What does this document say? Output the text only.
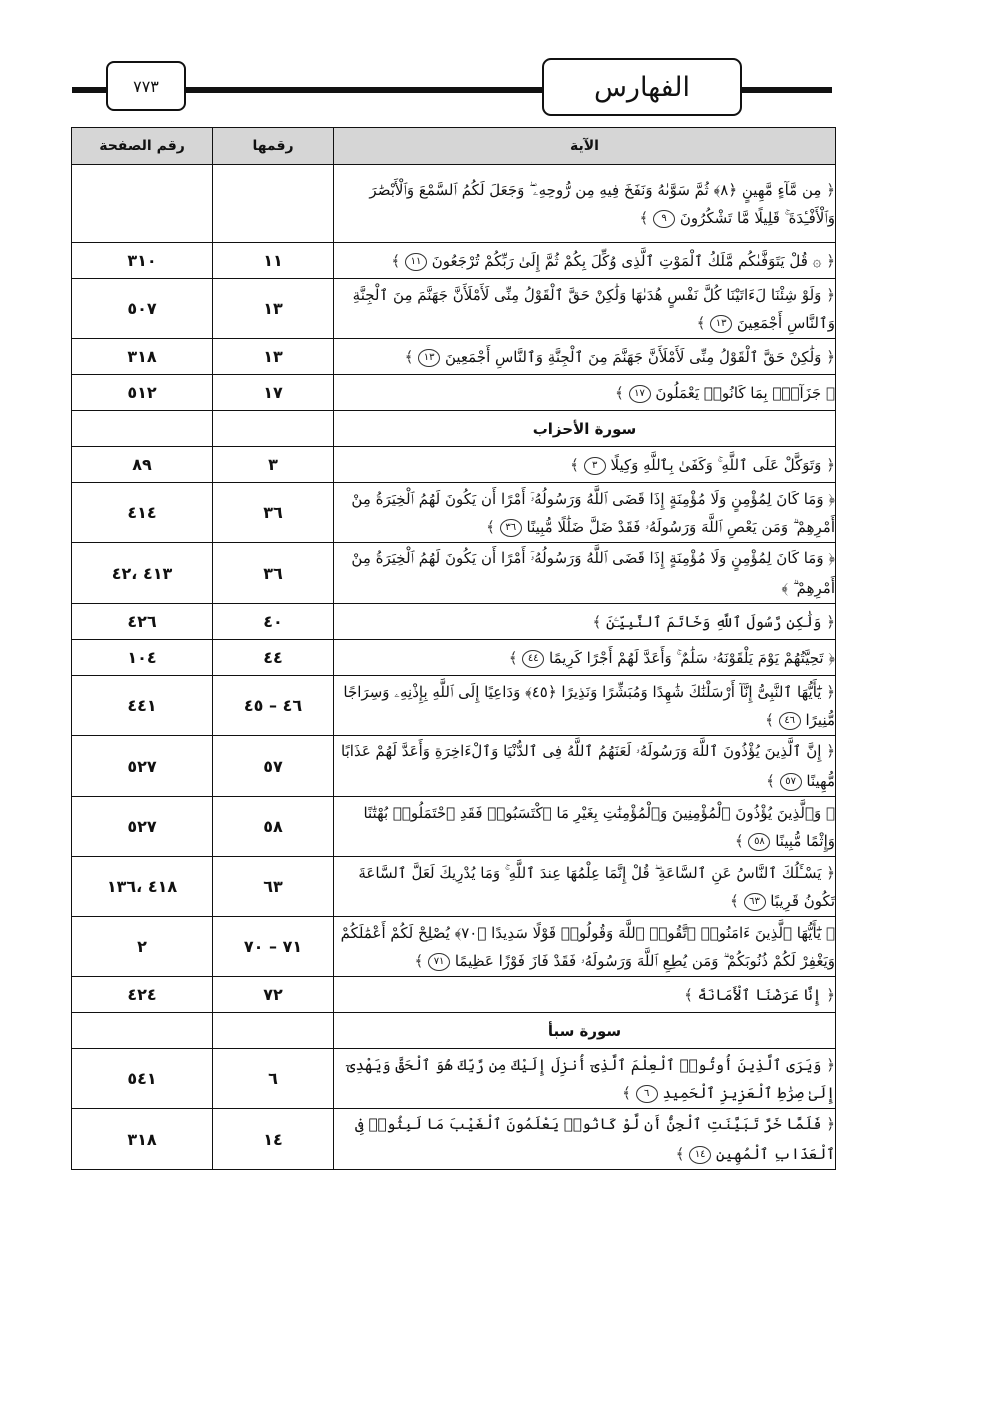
٧٧٣	الفهارس
الآية	رقمها	رقم الصفحة
﴿ مِن مَّآءٍ مَّهِينٍ ﴿٨﴾ ثُمَّ سَوَّىٰهُ وَنَفَخَ فِيهِ مِن رُّوحِهِۦ ۖ وَجَعَلَ لَكُمُ ٱلسَّمْعَ وَٱلْأَبْصَٰرَ وَٱلْأَفْـِٔدَةَ ۚ قَلِيلًا مَّا تَشْكُرُونَ ٩ ﴾		
﴿ ۞ قُلْ يَتَوَفَّىٰكُم مَّلَكُ ٱلْمَوْتِ ٱلَّذِى وُكِّلَ بِكُمْ ثُمَّ إِلَىٰ رَبِّكُمْ تُرْجَعُونَ ١١ ﴾	١١	٣١٠
﴿ وَلَوْ شِئْنَا لَءَاتَيْنَا كُلَّ نَفْسٍ هُدَىٰهَا وَلَٰكِنْ حَقَّ ٱلْقَوْلُ مِنِّى لَأَمْلَأَنَّ جَهَنَّمَ مِنَ ٱلْجِنَّةِ وَٱلنَّاسِ أَجْمَعِينَ ١٣ ﴾	١٣	٥٠٧
﴿ وَلَٰكِنْ حَقَّ ٱلْقَوْلُ مِنِّى لَأَمْلَأَنَّ جَهَنَّمَ مِنَ ٱلْجِنَّةِ وَٱلنَّاسِ أَجْمَعِينَ ١٣ ﴾	١٣	٣١٨
﴿ جَزَآءًۢ بِمَا كَانُوا۟ يَعْمَلُونَ ١٧ ﴾	١٧	٥١٢
سورة الأحزاب		
﴿ وَتَوَكَّلْ عَلَى ٱللَّهِ ۚ وَكَفَىٰ بِٱللَّهِ وَكِيلًا ٣ ﴾	٣	٨٩
﴿ وَمَا كَانَ لِمُؤْمِنٍ وَلَا مُؤْمِنَةٍ إِذَا قَضَى ٱللَّهُ وَرَسُولُهُۥٓ أَمْرًا أَن يَكُونَ لَهُمُ ٱلْخِيَرَةُ مِنْ أَمْرِهِمْ ۗ وَمَن يَعْصِ ٱللَّهَ وَرَسُولَهُۥ فَقَدْ ضَلَّ ضَلَٰلًا مُّبِينًا ٣٦ ﴾	٣٦	٤١٤
﴿ وَمَا كَانَ لِمُؤْمِنٍ وَلَا مُؤْمِنَةٍ إِذَا قَضَى ٱللَّهُ وَرَسُولُهُۥٓ أَمْرًا أَن يَكُونَ لَهُمُ ٱلْخِيَرَةُ مِنْ أَمْرِهِمْ ۗ ﴾	٣٦	٤١٣ ،٤٢
﴿ وَلَٰكِن رَّسُولَ ٱللَّهِ وَخَاتَمَ ٱلنَّبِيِّـۧنَ ﴾	٤٠	٤٢٦
﴿ تَحِيَّتُهُمْ يَوْمَ يَلْقَوْنَهُۥ سَلَٰمٌ ۚ وَأَعَدَّ لَهُمْ أَجْرًا كَرِيمًا ٤٤ ﴾	٤٤	١٠٤
﴿ يَٰٓأَيُّهَا ٱلنَّبِىُّ إِنَّآ أَرْسَلْنَٰكَ شَٰهِدًا وَمُبَشِّرًا وَنَذِيرًا ﴿٤٥﴾ وَدَاعِيًا إِلَى ٱللَّهِ بِإِذْنِهِۦ وَسِرَاجًا مُّنِيرًا ٤٦ ﴾	٤٦ – ٤٥	٤٤١
﴿ إِنَّ ٱلَّذِينَ يُؤْذُونَ ٱللَّهَ وَرَسُولَهُۥ لَعَنَهُمُ ٱللَّهُ فِى ٱلدُّنْيَا وَٱلْءَاخِرَةِ وَأَعَدَّ لَهُمْ عَذَابًا مُّهِينًا ٥٧ ﴾	٥٧	٥٢٧
﴿ وَٱلَّذِينَ يُؤْذُونَ ٱلْمُؤْمِنِينَ وَٱلْمُؤْمِنَٰتِ بِغَيْرِ مَا ٱكْتَسَبُوا۟ فَقَدِ ٱحْتَمَلُوا۟ بُهْتَٰنًا وَإِثْمًا مُّبِينًا ٥٨ ﴾	٥٨	٥٢٧
﴿ يَسْـَٔلُكَ ٱلنَّاسُ عَنِ ٱلسَّاعَةِ ۖ قُلْ إِنَّمَا عِلْمُهَا عِندَ ٱللَّهِ ۚ وَمَا يُدْرِيكَ لَعَلَّ ٱلسَّاعَةَ تَكُونُ قَرِيبًا ٦٣ ﴾	٦٣	٤١٨ ،١٣٦
﴿ يَٰٓأَيُّهَا ٱلَّذِينَ ءَامَنُوا۟ ٱتَّقُوا۟ ٱللَّهَ وَقُولُوا۟ قَوْلًا سَدِيدًا ﴿٧٠﴾ يُصْلِحْ لَكُمْ أَعْمَٰلَكُمْ وَيَغْفِرْ لَكُمْ ذُنُوبَكُمْ ۗ وَمَن يُطِعِ ٱللَّهَ وَرَسُولَهُۥ فَقَدْ فَازَ فَوْزًا عَظِيمًا ٧١ ﴾	٧١ – ٧٠	٢
﴿ إِنَّا عَرَضْنَا ٱلْأَمَانَةَ ﴾	٧٢	٤٢٤
سورة سبأ		
﴿ وَيَرَى ٱلَّذِينَ أُوتُوا۟ ٱلْعِلْمَ ٱلَّذِىٓ أُنزِلَ إِلَيْكَ مِن رَّبِّكَ هُوَ ٱلْحَقَّ وَيَهْدِىٓ إِلَىٰ صِرَٰطِ ٱلْعَزِيزِ ٱلْحَمِيدِ ٦ ﴾	٦	٥٤١
﴿ فَلَمَّا خَرَّ تَبَيَّنَتِ ٱلْجِنُّ أَن لَّوْ كَانُوا۟ يَعْلَمُونَ ٱلْغَيْبَ مَا لَبِثُوا۟ فِى ٱلْعَذَابِ ٱلْمُهِينِ ١٤ ﴾	١٤	٣١٨
